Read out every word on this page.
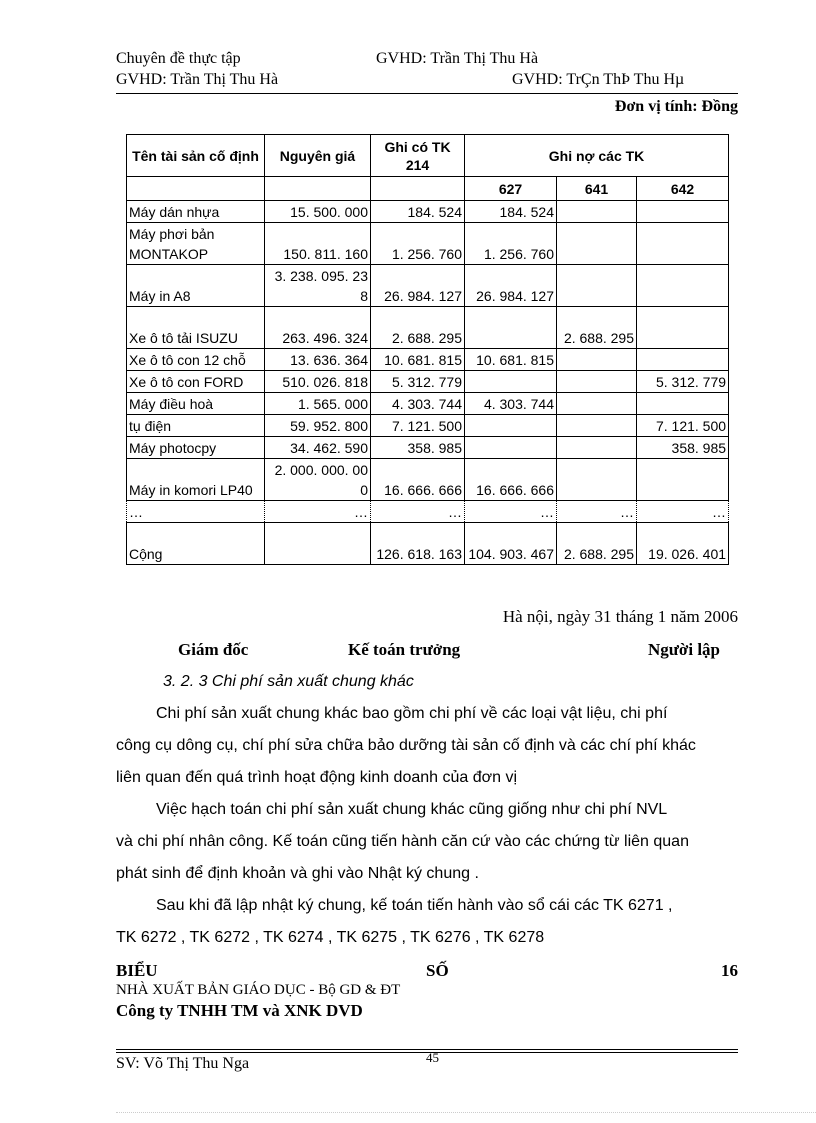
Chuyên đề thực tập	GVHD: Trần Thị Thu Hà
GVHD: Trần Thị Thu Hà	GVHD: TrÇn ThÞ Thu Hµ
Đơn vị tính: Đồng
Tên tài sản cố định	Nguyên giá	Ghi có TK 214	Ghi nợ các TK		
			627	641	642
Máy dán nhựa	15. 500. 000	184. 524	184. 524		
Máy phơi bản MONTAKOP	150. 811. 160	1. 256. 760	1. 256. 760		
Máy in A8	3. 238. 095. 238	26. 984. 127	26. 984. 127		
Xe ô tô tải ISUZU	263. 496. 324	2. 688. 295		2. 688. 295	
Xe ô tô con 12 chỗ	13. 636. 364	10. 681. 815	10. 681. 815		
Xe ô tô con FORD	510. 026. 818	5. 312. 779			5. 312. 779
Máy điều hoà	1. 565. 000	4. 303. 744	4. 303. 744		
tụ điện	59. 952. 800	7. 121. 500			7. 121. 500
Máy photocpy	34. 462. 590	358. 985			358. 985
Máy in komori LP40	2. 000. 000. 000	16. 666. 666	16. 666. 666		
…	…	…	…	…	…
Cộng		126. 618. 163	104. 903. 467	2. 688. 295	19. 026. 401
Hà nội, ngày 31 tháng 1 năm 2006
Giám đốc	Kế toán trưởng	Người lập
3. 2. 3 Chi phí sản xuất chung khác
Chi phí sản xuất chung khác bao gồm chi phí về các loại vật liệu, chi phí
công cụ dông cụ, chí phí sửa chữa bảo dưỡng tài sản cố định và các chí phí khác
liên quan đến quá trình hoạt động kinh doanh của đơn vị
Việc hạch toán chi phí sản xuất chung khác cũng giống như chi phí NVL
và chi phí nhân công. Kế toán cũng tiến hành căn cứ vào các chứng từ liên quan
phát sinh để định khoản và ghi vào Nhật ký chung .
Sau khi đã lập nhật ký chung, kế toán tiến hành vào sổ cái các TK 6271 ,
TK 6272 , TK 6272 , TK 6274 , TK 6275 , TK 6276 , TK 6278
BIỂU	SỐ	16
NHÀ XUẤT BẢN GIÁO DỤC - Bộ GD & ĐT
Công ty TNHH TM và XNK DVD
SV: Võ Thị Thu Nga	45
